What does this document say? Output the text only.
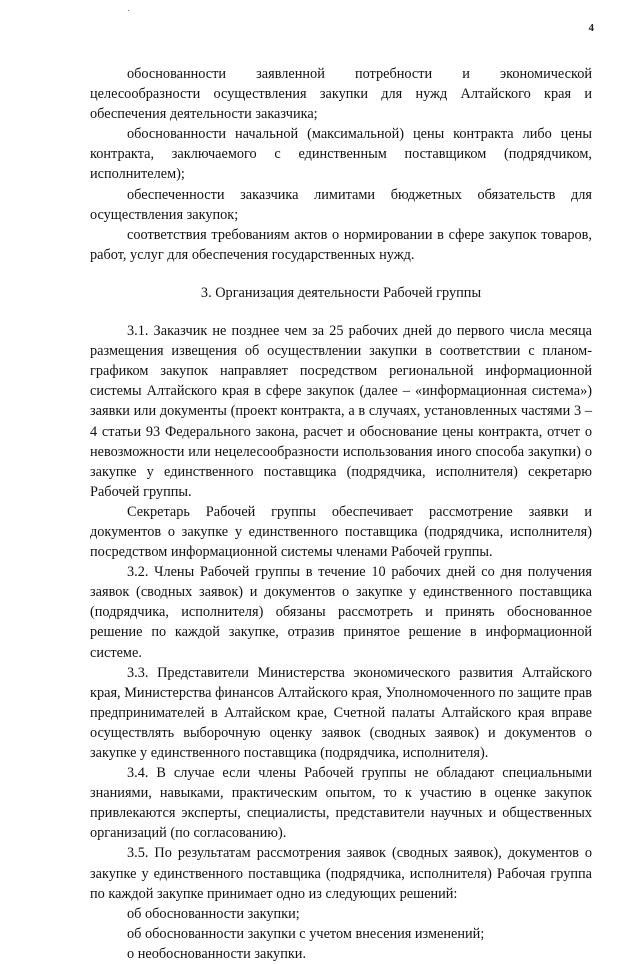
4

обоснованности заявленной потребности и экономической целесообразности осуществления закупки для нужд Алтайского края и обеспечения деятельности заказчика;

обоснованности начальной (максимальной) цены контракта либо цены контракта, заключаемого с единственным поставщиком (подрядчиком, исполнителем);

обеспеченности заказчика лимитами бюджетных обязательств для осуществления закупок;

соответствия требованиям актов о нормировании в сфере закупок товаров, работ, услуг для обеспечения государственных нужд.

3. Организация деятельности Рабочей группы

3.1. Заказчик не позднее чем за 25 рабочих дней до первого числа месяца размещения извещения об осуществлении закупки в соответствии с планом-графиком закупок направляет посредством региональной информационной системы Алтайского края в сфере закупок (далее – «информационная система») заявки или документы (проект контракта, а в случаях, установленных частями 3 – 4 статьи 93 Федерального закона, расчет и обоснование цены контракта, отчет о невозможности или нецелесообразности использования иного способа закупки) о закупке у единственного поставщика (подрядчика, исполнителя) секретарю Рабочей группы.

Секретарь Рабочей группы обеспечивает рассмотрение заявки и документов о закупке у единственного поставщика (подрядчика, исполнителя) посредством информационной системы членами Рабочей группы.

3.2. Члены Рабочей группы в течение 10 рабочих дней со дня получения заявок (сводных заявок) и документов о закупке у единственного поставщика (подрядчика, исполнителя) обязаны рассмотреть и принять обоснованное решение по каждой закупке, отразив принятое решение в информационной системе.

3.3. Представители Министерства экономического развития Алтайского края, Министерства финансов Алтайского края, Уполномоченного по защите прав предпринимателей в Алтайском крае, Счетной палаты Алтайского края вправе осуществлять выборочную оценку заявок (сводных заявок) и документов о закупке у единственного поставщика (подрядчика, исполнителя).

3.4. В случае если члены Рабочей группы не обладают специальными знаниями, навыками, практическим опытом, то к участию в оценке закупок привлекаются эксперты, специалисты, представители научных и общественных организаций (по согласованию).

3.5. По результатам рассмотрения заявок (сводных заявок), документов о закупке у единственного поставщика (подрядчика, исполнителя) Рабочая группа по каждой закупке принимает одно из следующих решений:

об обоснованности закупки;

об обоснованности закупки с учетом внесения изменений;

о необоснованности закупки.
